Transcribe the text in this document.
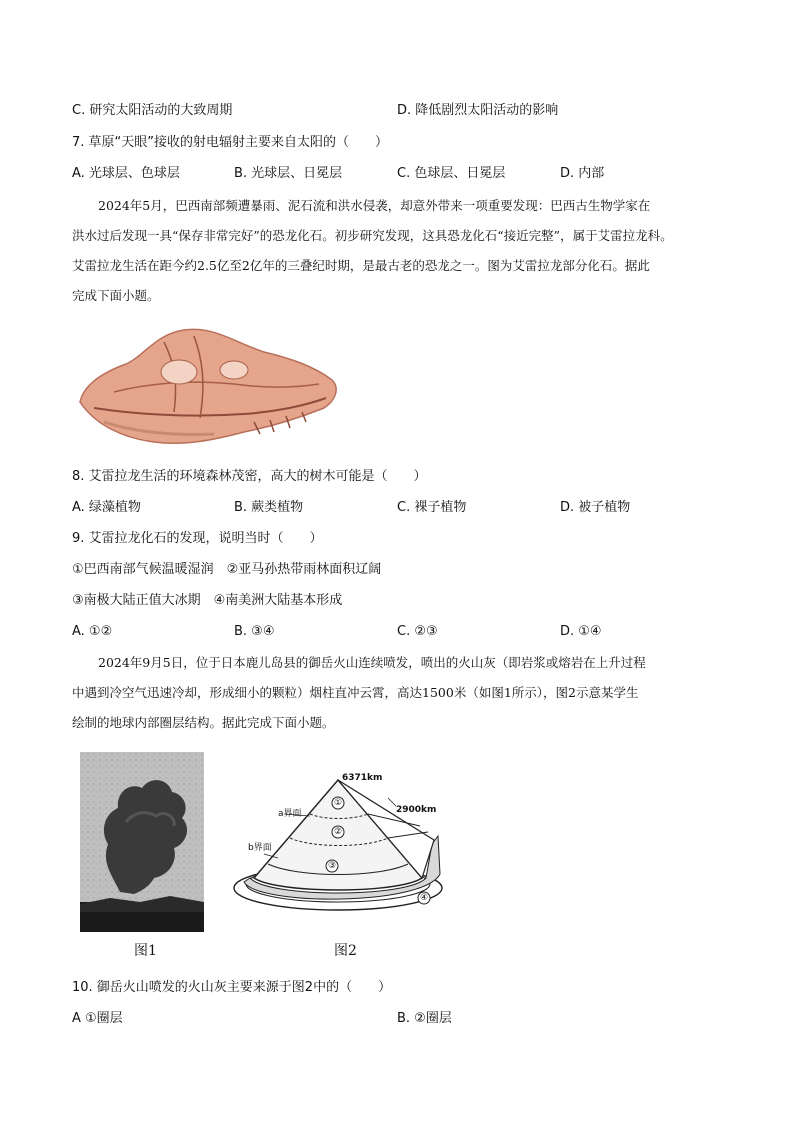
C. 研究太阳活动的大致周期	D. 降低剧烈太阳活动的影响
7. 草原“天眼”接收的射电辐射主要来自太阳的（　　）
A. 光球层、色球层	B. 光球层、日冕层	C. 色球层、日冕层	D. 内部
2024年5月，巴西南部频遭暴雨、泥石流和洪水侵袭，却意外带来一项重要发现：巴西古生物学家在
洪水过后发现一具“保存非常完好”的恐龙化石。初步研究发现，这具恐龙化石“接近完整”，属于艾雷拉龙科。
艾雷拉龙生活在距今约2.5亿至2亿年的三叠纪时期，是最古老的恐龙之一。图为艾雷拉龙部分化石。据此
完成下面小题。
8. 艾雷拉龙生活的环境森林茂密，高大的树木可能是（　　）
A. 绿藻植物	B. 蕨类植物	C. 裸子植物	D. 被子植物
9. 艾雷拉龙化石的发现，说明当时（　　）
①巴西南部气候温暖湿润　②亚马孙热带雨林面积辽阔
③南极大陆正值大冰期　④南美洲大陆基本形成
A. ①②	B. ③④	C. ②③	D. ①④
2024年9月5日，位于日本鹿儿岛县的御岳火山连续喷发，喷出的火山灰（即岩浆或熔岩在上升过程
中遇到冷空气迅速冷却，形成细小的颗粒）烟柱直冲云霄，高达1500米（如图1所示），图2示意某学生
绘制的地球内部圈层结构。据此完成下面小题。
图1
6371km
2900km
a界面
b界面
①
②
③
④
图2
10. 御岳火山喷发的火山灰主要来源于图2中的（　　）
A ①圈层	B. ②圈层
